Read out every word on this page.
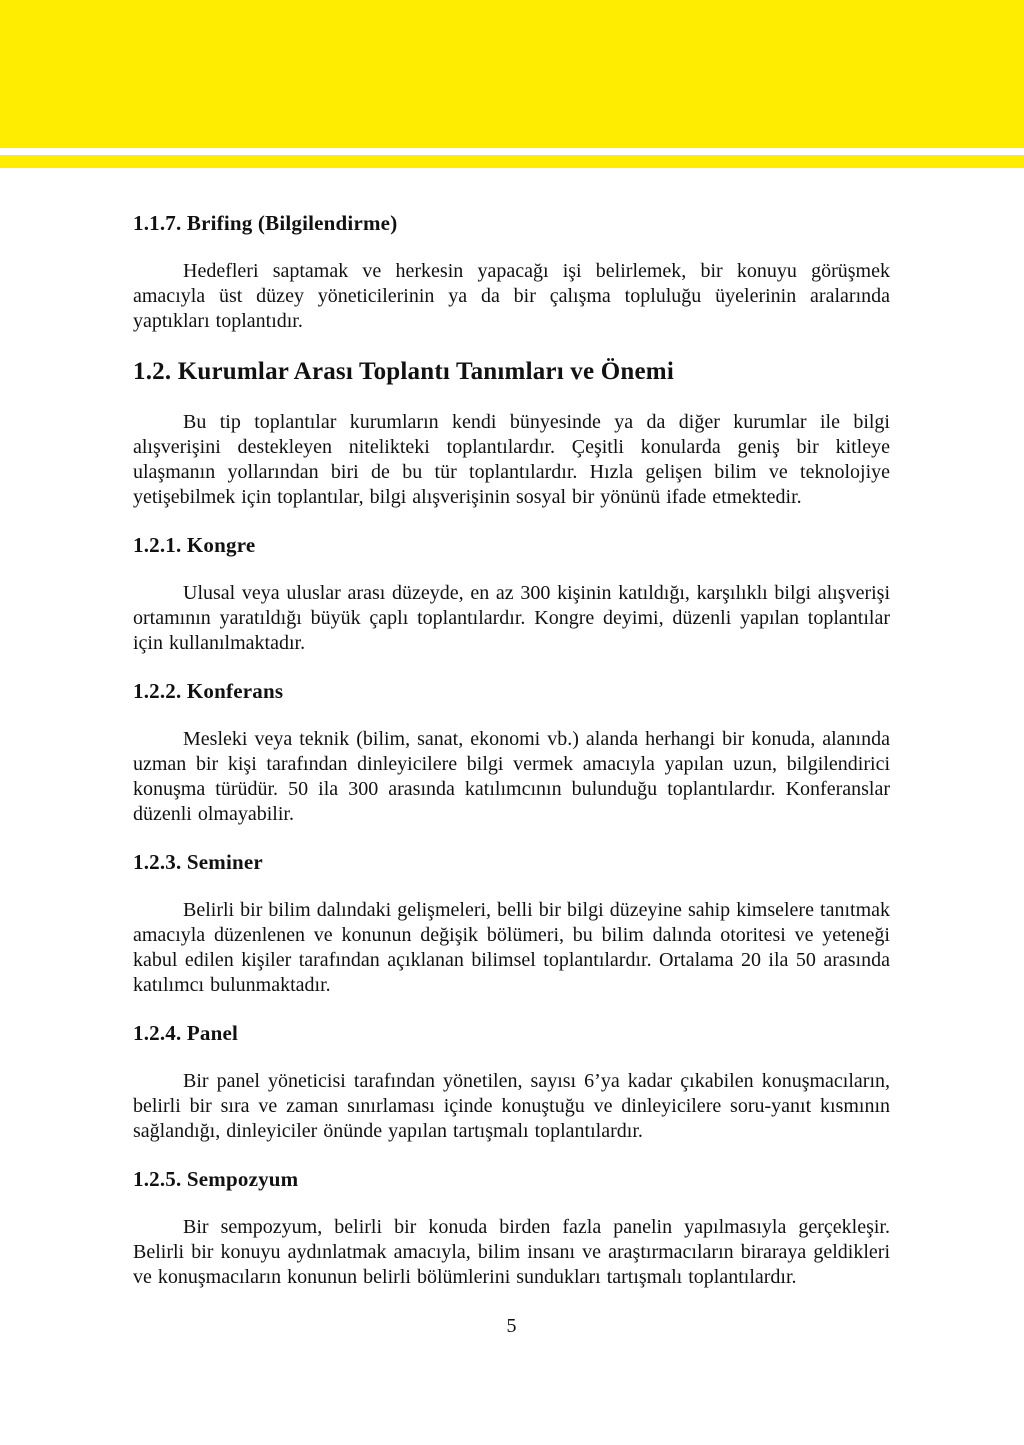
1.1.7. Brifing (Bilgilendirme)

Hedefleri saptamak ve herkesin yapacağı işi belirlemek, bir konuyu görüşmek amacıyla üst düzey yöneticilerinin ya da bir çalışma topluluğu üyelerinin aralarında yaptıkları toplantıdır.

1.2. Kurumlar Arası Toplantı Tanımları ve Önemi

Bu tip toplantılar kurumların kendi bünyesinde ya da diğer kurumlar ile bilgi alışverişini destekleyen nitelikteki toplantılardır. Çeşitli konularda geniş bir kitleye ulaşmanın yollarından biri de bu tür toplantılardır. Hızla gelişen bilim ve teknolojiye yetişebilmek için toplantılar, bilgi alışverişinin sosyal bir yönünü ifade etmektedir.

1.2.1. Kongre

Ulusal veya uluslar arası düzeyde, en az 300 kişinin katıldığı, karşılıklı bilgi alışverişi ortamının yaratıldığı büyük çaplı toplantılardır. Kongre deyimi, düzenli yapılan toplantılar için kullanılmaktadır.

1.2.2. Konferans

Mesleki veya teknik (bilim, sanat, ekonomi vb.) alanda herhangi bir konuda, alanında uzman bir kişi tarafından dinleyicilere bilgi vermek amacıyla yapılan uzun, bilgilendirici konuşma türüdür. 50 ila 300 arasında katılımcının bulunduğu toplantılardır. Konferanslar düzenli olmayabilir.

1.2.3. Seminer

Belirli bir bilim dalındaki gelişmeleri, belli bir bilgi düzeyine sahip kimselere tanıtmak amacıyla düzenlenen ve konunun değişik bölümeri, bu bilim dalında otoritesi ve yeteneği kabul edilen kişiler tarafından açıklanan bilimsel toplantılardır. Ortalama 20 ila 50 arasında katılımcı bulunmaktadır.

1.2.4. Panel

Bir panel yöneticisi tarafından yönetilen, sayısı 6’ya kadar çıkabilen konuşmacıların, belirli bir sıra ve zaman sınırlaması içinde konuştuğu ve dinleyicilere soru-yanıt kısmının sağlandığı, dinleyiciler önünde yapılan tartışmalı toplantılardır.

1.2.5. Sempozyum

Bir sempozyum, belirli bir konuda birden fazla panelin yapılmasıyla gerçekleşir. Belirli bir konuyu aydınlatmak amacıyla, bilim insanı ve araştırmacıların biraraya geldikleri ve konuşmacıların konunun belirli bölümlerini sundukları tartışmalı toplantılardır.

5
